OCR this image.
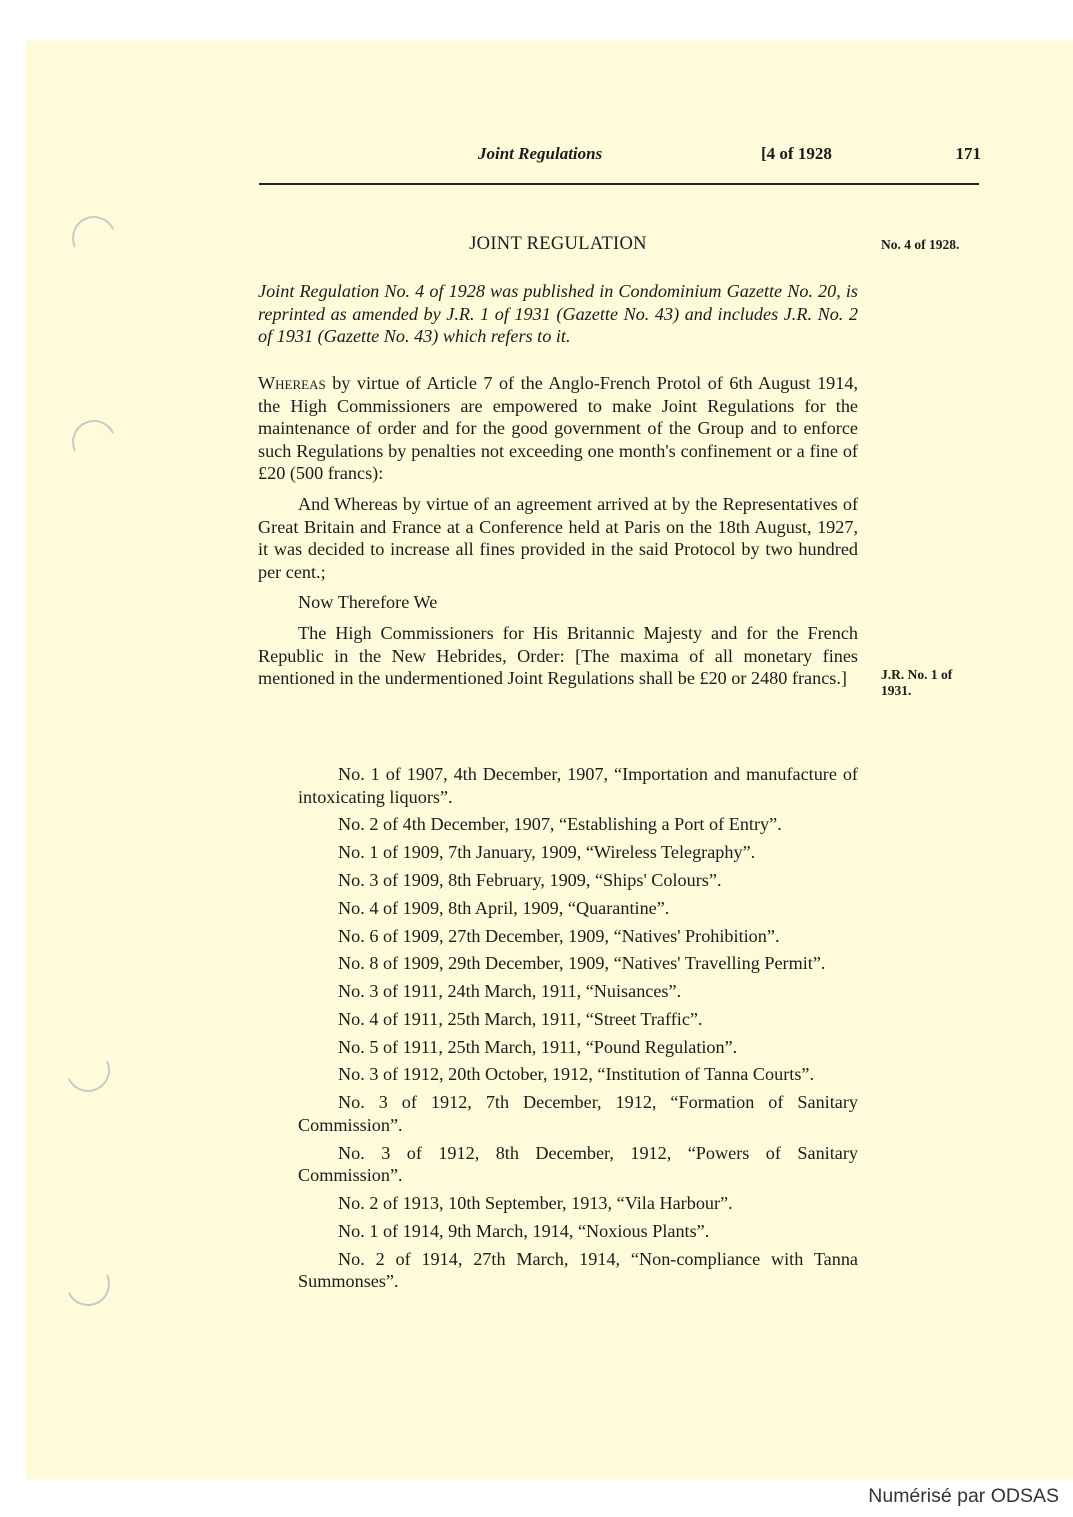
Joint Regulations	[4 of 1928	171
JOINT REGULATION	No. 4 of 1928.
J.R. No. 1 of 1931.

Joint Regulation No. 4 of 1928 was published in Condominium Gazette No. 20, is reprinted as amended by J.R. 1 of 1931 (Gazette No. 43) and includes J.R. No. 2 of 1931 (Gazette No. 43) which refers to it.

Whereas by virtue of Article 7 of the Anglo-French Protol of 6th August 1914, the High Commissioners are empowered to make Joint Regulations for the maintenance of order and for the good government of the Group and to enforce such Regulations by penalties not exceeding one month's confinement or a fine of £20 (500 francs):

And Whereas by virtue of an agreement arrived at by the Representatives of Great Britain and France at a Conference held at Paris on the 18th August, 1927, it was decided to increase all fines provided in the said Protocol by two hundred per cent.;

Now Therefore We

The High Commissioners for His Britannic Majesty and for the French Republic in the New Hebrides, Order: [The maxima of all monetary fines mentioned in the undermentioned Joint Regulations shall be £20 or 2480 francs.]

No. 1 of 1907, 4th December, 1907, “Importation and manufacture of intoxicating liquors”.

No. 2 of 4th December, 1907, “Establishing a Port of Entry”.

No. 1 of 1909, 7th January, 1909, “Wireless Telegraphy”.

No. 3 of 1909, 8th February, 1909, “Ships' Colours”.

No. 4 of 1909, 8th April, 1909, “Quarantine”.

No. 6 of 1909, 27th December, 1909, “Natives' Prohibition”.

No. 8 of 1909, 29th December, 1909, “Natives' Travelling Permit”.

No. 3 of 1911, 24th March, 1911, “Nuisances”.

No. 4 of 1911, 25th March, 1911, “Street Traffic”.

No. 5 of 1911, 25th March, 1911, “Pound Regulation”.

No. 3 of 1912, 20th October, 1912, “Institution of Tanna Courts”.

No. 3 of 1912, 7th December, 1912, “Formation of Sanitary Commission”.

No. 3 of 1912, 8th December, 1912, “Powers of Sanitary Commission”.

No. 2 of 1913, 10th September, 1913, “Vila Harbour”.

No. 1 of 1914, 9th March, 1914, “Noxious Plants”.

No. 2 of 1914, 27th March, 1914, “Non-compliance with Tanna Summonses”.

Numérisé par ODSAS
